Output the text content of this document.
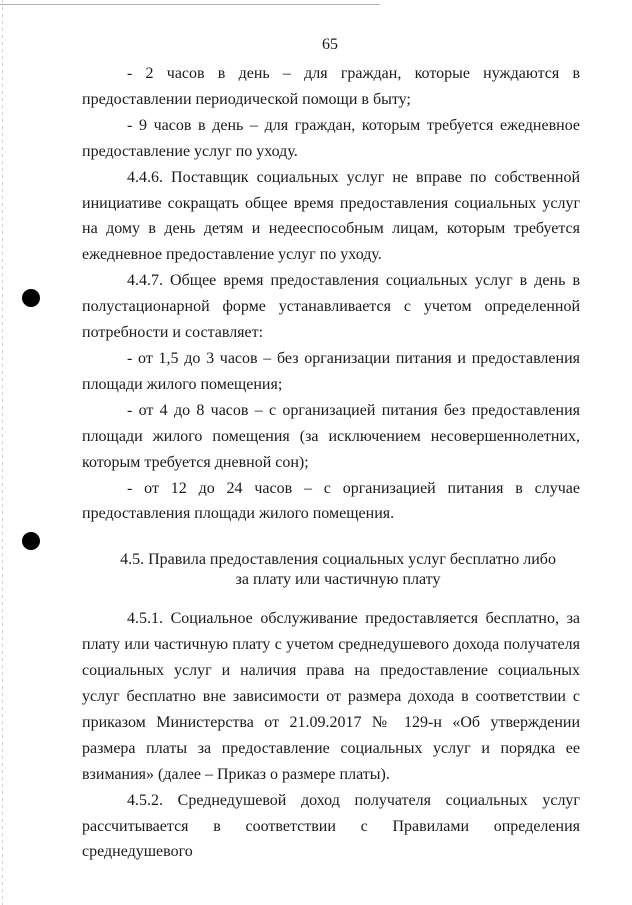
65

- 2 часов в день – для граждан, которые нуждаются в предоставлении периодической помощи в быту;

- 9 часов в день – для граждан, которым требуется ежедневное предоставление услуг по уходу.

4.4.6. Поставщик социальных услуг не вправе по собственной инициативе сокращать общее время предоставления социальных услуг на дому в день детям и недееспособным лицам, которым требуется ежедневное предоставление услуг по уходу.

4.4.7. Общее время предоставления социальных услуг в день в полустационарной форме устанавливается с учетом определенной потребности и составляет:

- от 1,5 до 3 часов – без организации питания и предоставления площади жилого помещения;

- от 4 до 8 часов – с организацией питания без предоставления площади жилого помещения (за исключением несовершеннолетних, которым требуется дневной сон);

- от 12 до 24 часов – с организацией питания в случае предоставления площади жилого помещения.

4.5. Правила предоставления социальных услуг бесплатно либо

за плату или частичную плату

4.5.1. Социальное обслуживание предоставляется бесплатно, за плату или частичную плату с учетом среднедушевого дохода получателя социальных услуг и наличия права на предоставление социальных услуг бесплатно вне зависимости от размера дохода в соответствии с приказом Министерства от 21.09.2017 № 129-н «Об утверждении размера платы за предоставление социальных услуг и порядка ее взимания» (далее – Приказ о размере платы).

4.5.2. Среднедушевой доход получателя социальных услуг рассчитывается в соответствии с Правилами определения среднедушевого
